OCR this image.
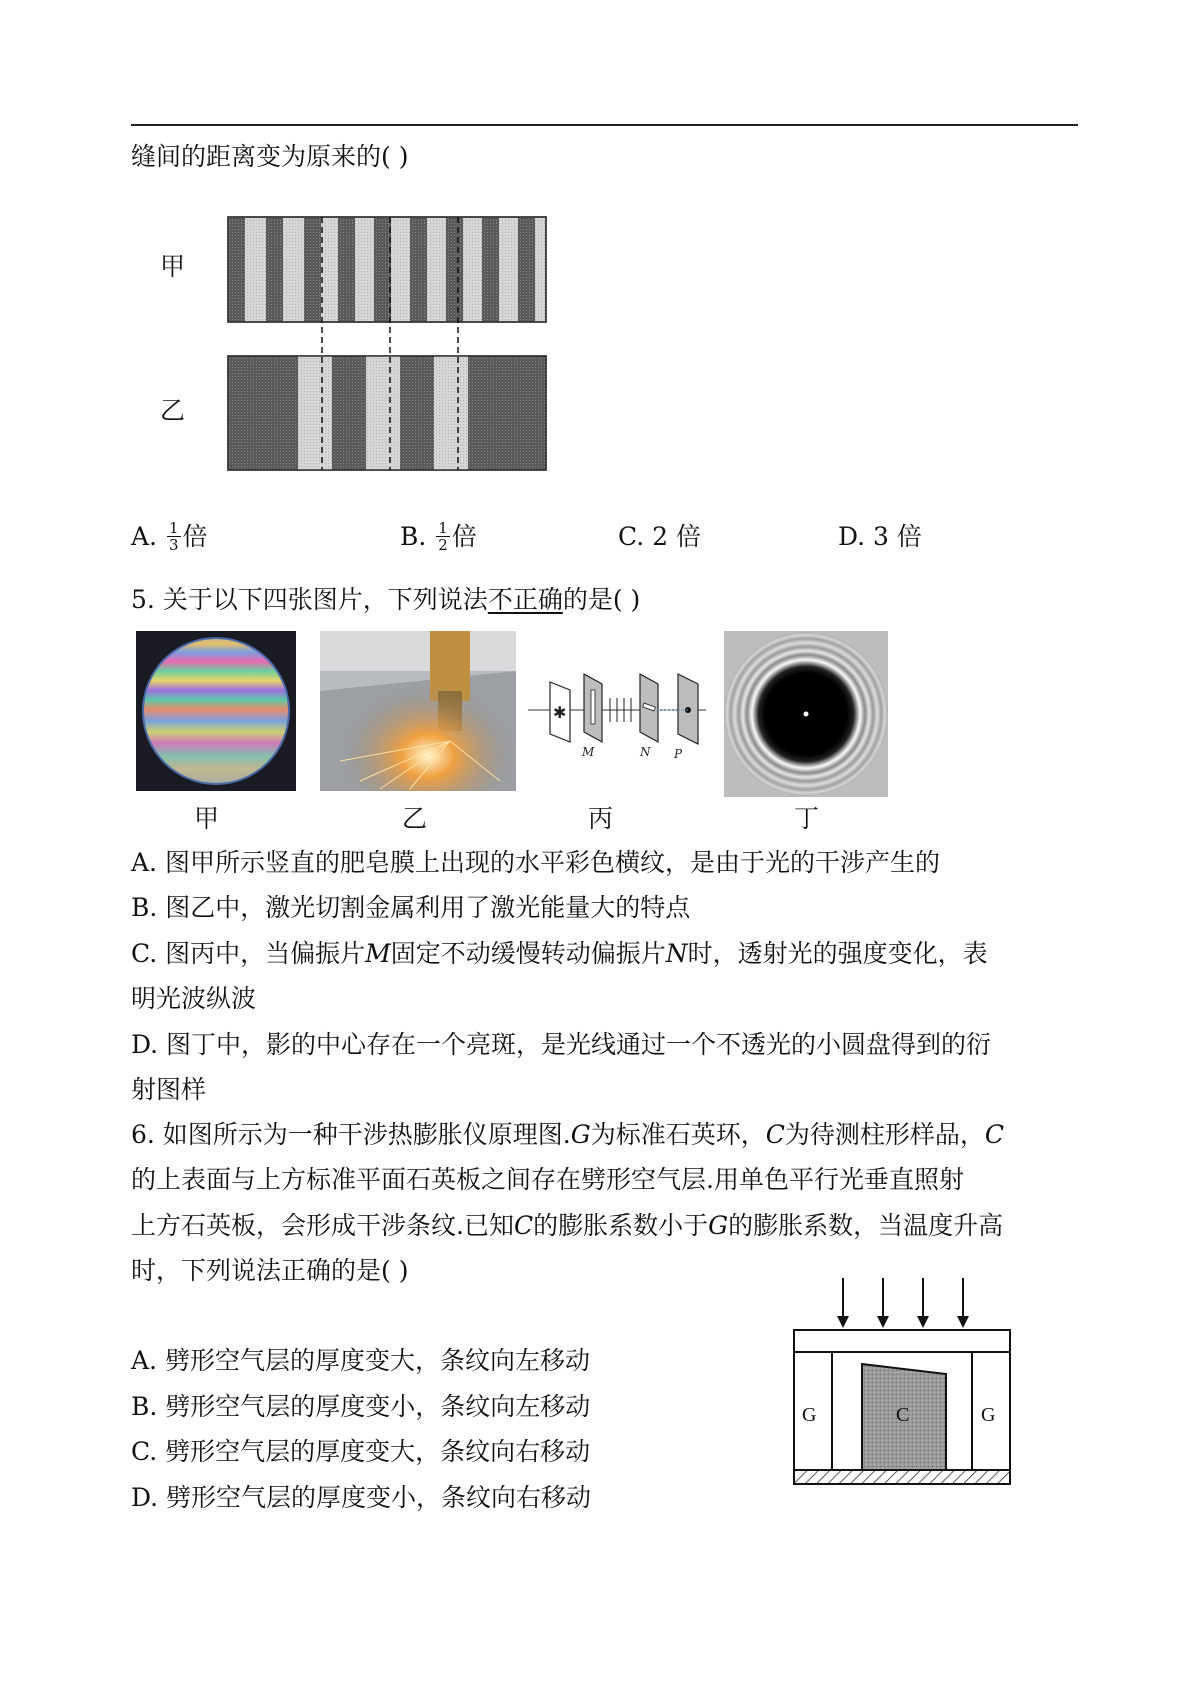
缝间的距离变为原来的( )
甲
乙
A. $\frac{1}{3}$ 倍	B. $\frac{1}{2}$ 倍	C. 2 倍	D. 3 倍
5. 关于以下四张图片，下列说法不正确的是( )
✱
M	N P
甲	乙	丙	丁
A. 图甲所示竖直的肥皂膜上出现的水平彩色横纹，是由于光的干涉产生的
B. 图乙中，激光切割金属利用了激光能量大的特点
C. 图丙中，当偏振片M固定不动缓慢转动偏振片N时，透射光的强度变化，表
明光波纵波
D. 图丁中，影的中心存在一个亮斑，是光线通过一个不透光的小圆盘得到的衍
射图样
6. 如图所示为一种干涉热膨胀仪原理图.G为标准石英环，C为待测柱形样品，C
的上表面与上方标准平面石英板之间存在劈形空气层.用单色平行光垂直照射
上方石英板，会形成干涉条纹.已知C的膨胀系数小于G的膨胀系数，当温度升高
时，下列说法正确的是( )
A. 劈形空气层的厚度变大，条纹向左移动
B. 劈形空气层的厚度变小，条纹向左移动
C. 劈形空气层的厚度变大，条纹向右移动
D. 劈形空气层的厚度变小，条纹向右移动
G	C	G
